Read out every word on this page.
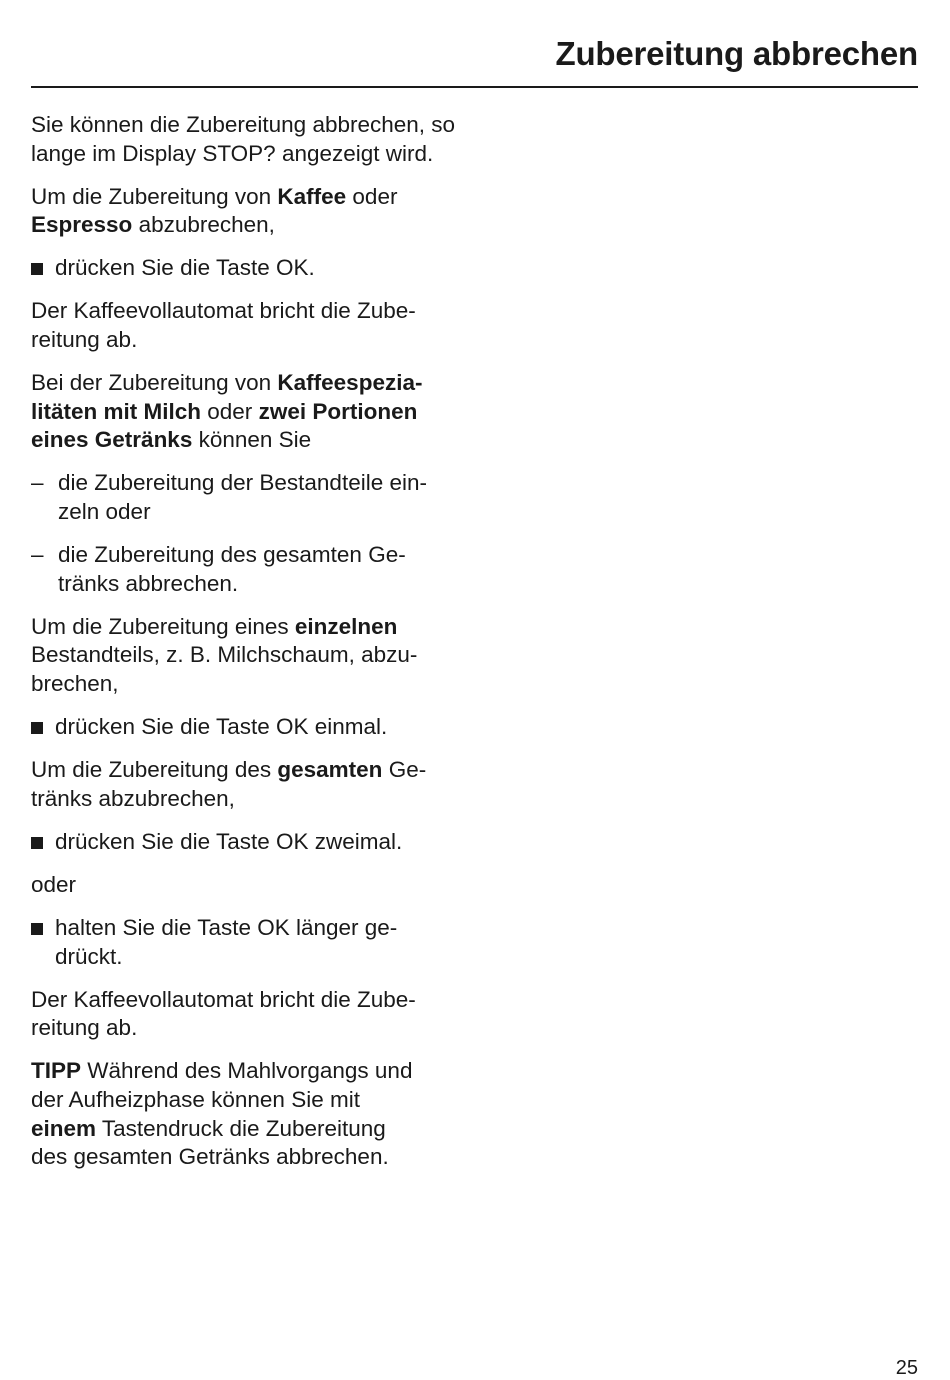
Zubereitung abbrechen

Sie können die Zubereitung abbrechen, so lange im Display STOP? angezeigt wird.

Um die Zubereitung von Kaffee oder Espresso abzubrechen,

drücken Sie die Taste OK.

Der Kaffeevollautomat bricht die Zube-
reitung ab.

Bei der Zubereitung von Kaffeespezia-
litäten mit Milch oder zwei Portionen
eines Getränks können Sie

– die Zubereitung der Bestandteile ein-
zeln oder
– die Zubereitung des gesamten Ge-
tränks abbrechen.

Um die Zubereitung eines einzelnen
Bestandteils, z. B. Milchschaum, abzu-
brechen,

drücken Sie die Taste OK einmal.

Um die Zubereitung des gesamten Ge-
tränks abzubrechen,

drücken Sie die Taste OK zweimal.

oder

halten Sie die Taste OK länger ge-
drückt.

Der Kaffeevollautomat bricht die Zube-
reitung ab.

TIPP Während des Mahlvorgangs und
der Aufheizphase können Sie mit
einem Tastendruck die Zubereitung
des gesamten Getränks abbrechen.

25
